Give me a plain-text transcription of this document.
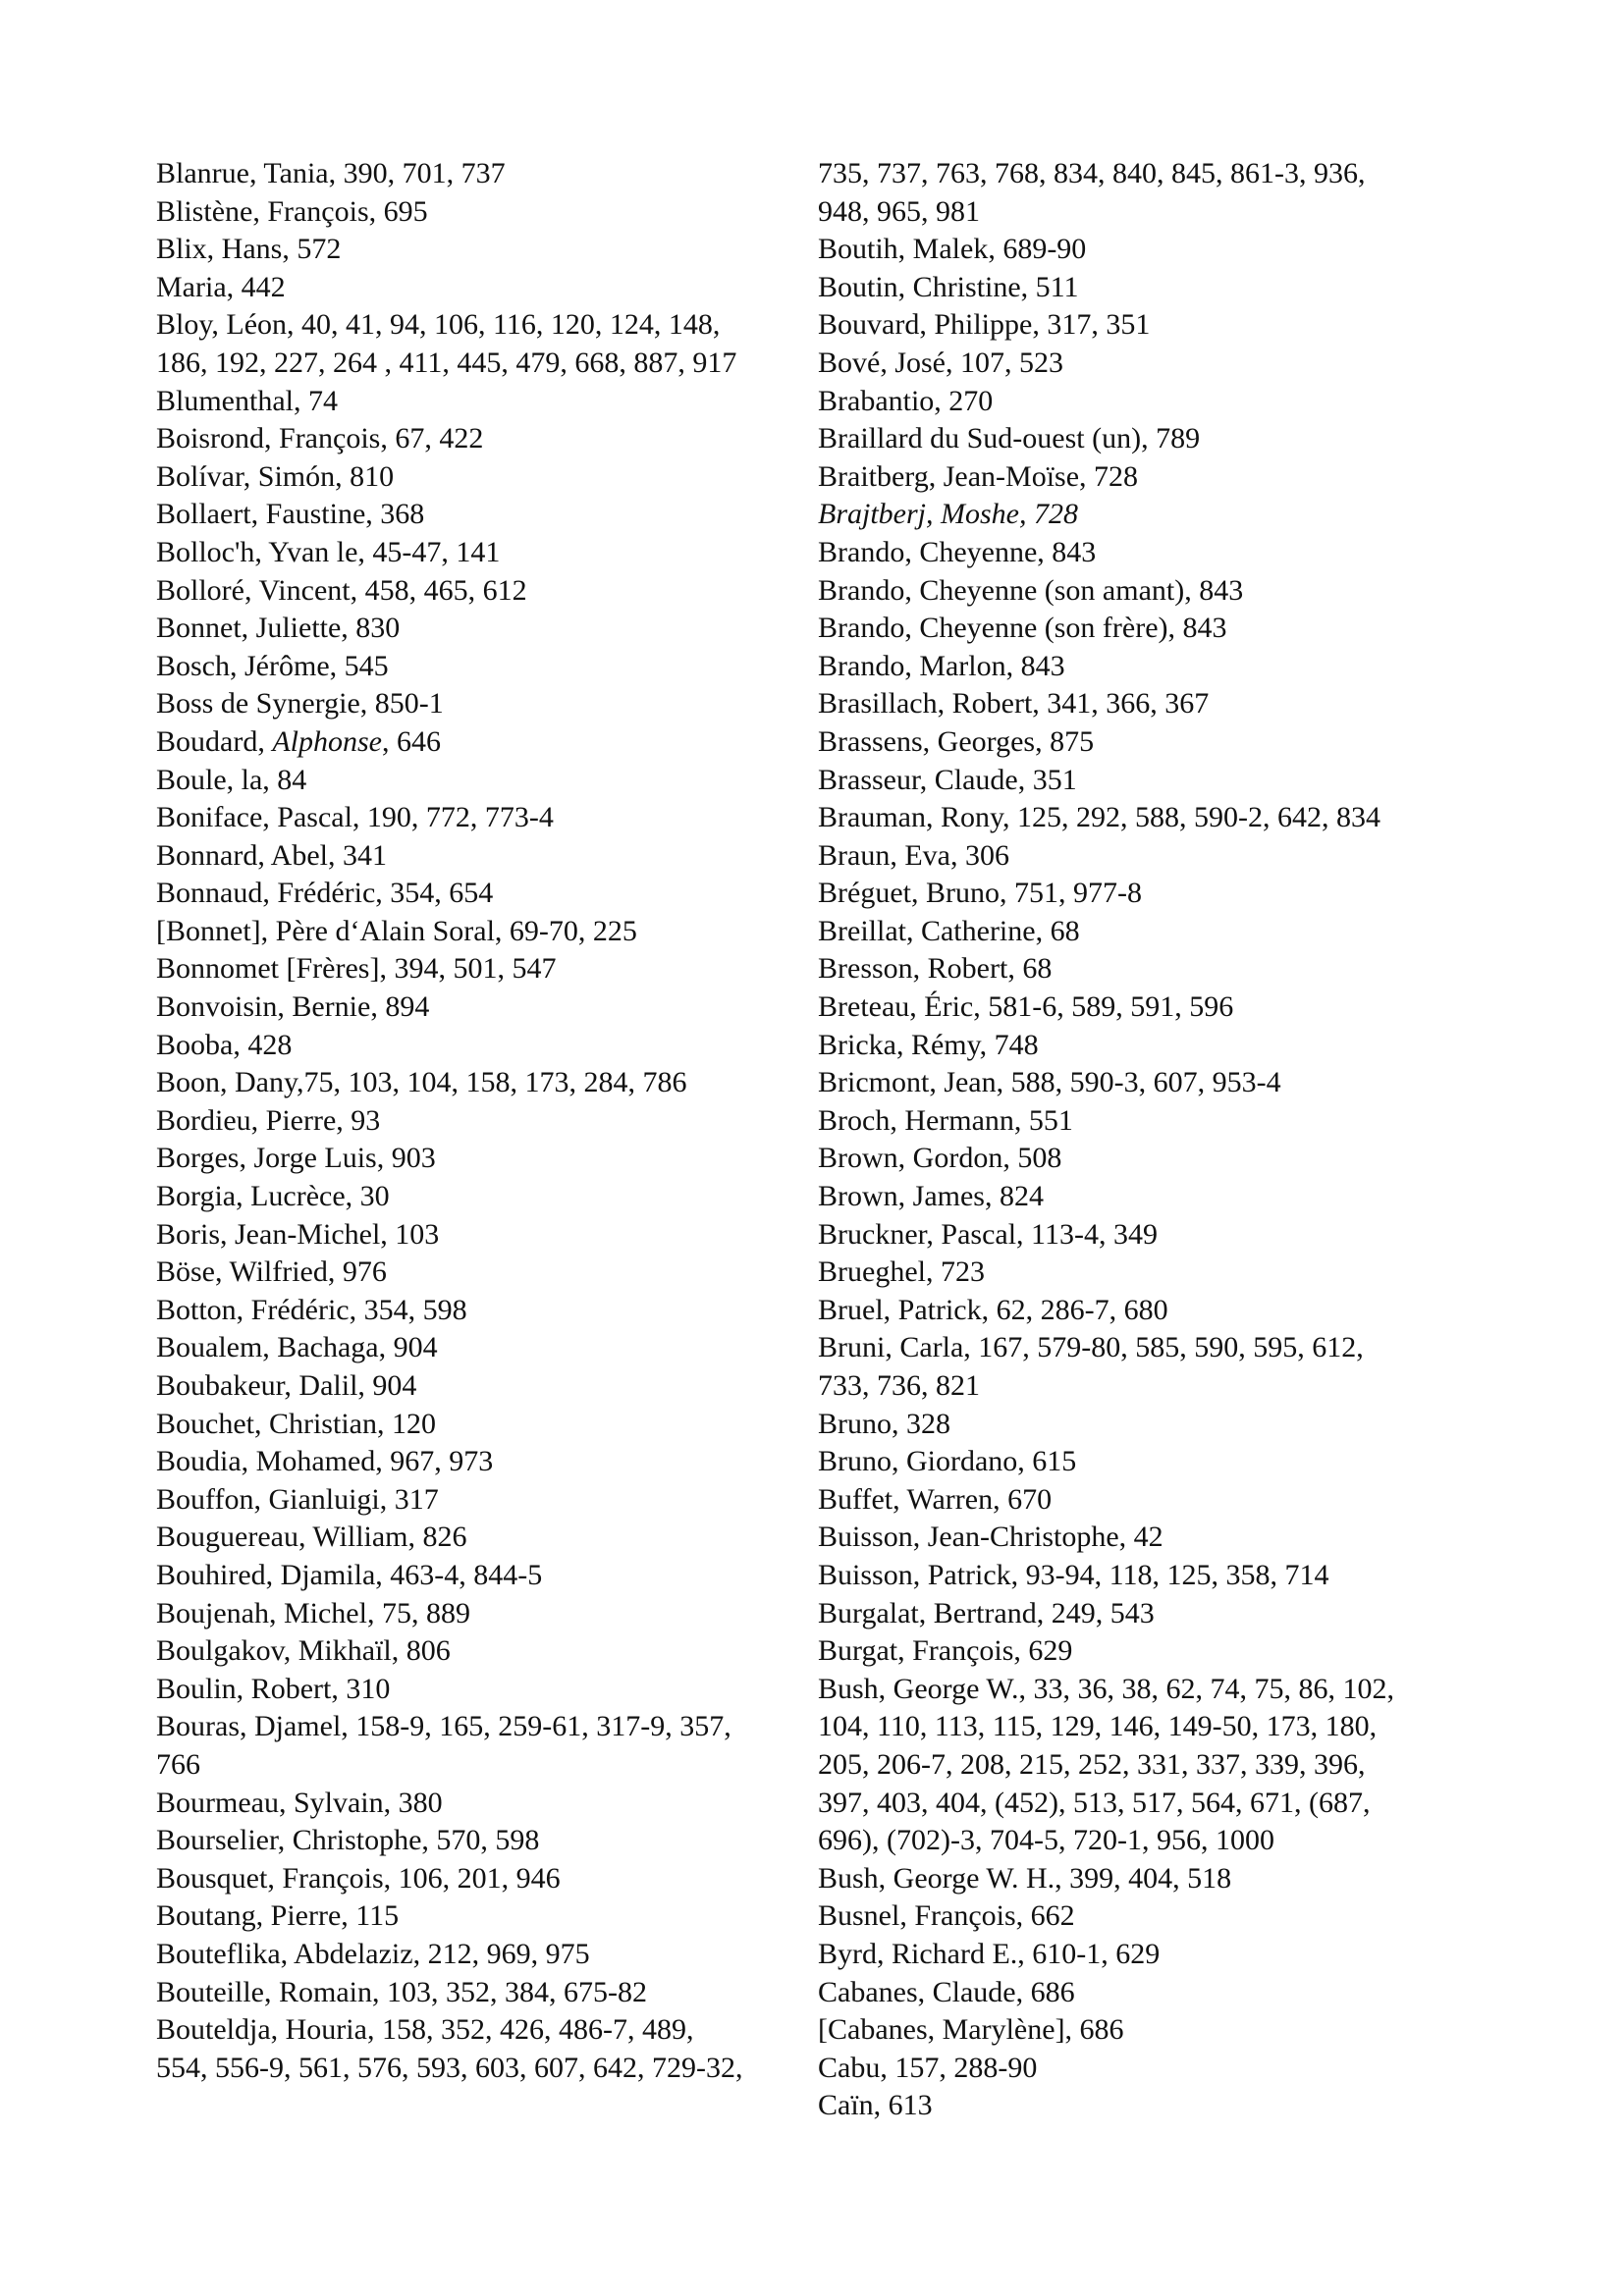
Blanrue, Tania, 390, 701, 737
Blistène, François, 695
Blix, Hans, 572
Maria, 442
Bloy, Léon, 40, 41, 94, 106, 116, 120, 124, 148,
186, 192, 227, 264 , 411, 445, 479, 668, 887, 917
Blumenthal, 74
Boisrond, François, 67, 422
Bolívar, Simón, 810
Bollaert, Faustine, 368
Bolloc'h, Yvan le, 45-47, 141
Bolloré, Vincent, 458, 465, 612
Bonnet, Juliette, 830
Bosch, Jérôme, 545
Boss de Synergie, 850-1
Boudard, Alphonse, 646
Boule, la, 84
Boniface, Pascal, 190, 772, 773-4
Bonnard, Abel, 341
Bonnaud, Frédéric, 354, 654
[Bonnet], Père d‘Alain Soral, 69-70, 225
Bonnomet [Frères], 394, 501, 547
Bonvoisin, Bernie, 894
Booba, 428
Boon, Dany,75, 103, 104, 158, 173, 284, 786
Bordieu, Pierre, 93
Borges, Jorge Luis, 903
Borgia, Lucrèce, 30
Boris, Jean-Michel, 103
Böse, Wilfried, 976
Botton, Frédéric, 354, 598
Boualem, Bachaga, 904
Boubakeur, Dalil, 904
Bouchet, Christian, 120
Boudia, Mohamed, 967, 973
Bouffon, Gianluigi, 317
Bouguereau, William, 826
Bouhired, Djamila, 463-4, 844-5
Boujenah, Michel, 75, 889
Boulgakov, Mikhaïl, 806
Boulin, Robert, 310
Bouras, Djamel, 158-9, 165, 259-61, 317-9, 357,
766
Bourmeau, Sylvain, 380
Bourselier, Christophe, 570, 598
Bousquet, François, 106, 201, 946
Boutang, Pierre, 115
Bouteflika, Abdelaziz, 212, 969, 975
Bouteille, Romain, 103, 352, 384, 675-82
Bouteldja, Houria, 158, 352, 426, 486-7, 489,
554, 556-9, 561, 576, 593, 603, 607, 642, 729-32,
735, 737, 763, 768, 834, 840, 845, 861-3, 936,
948, 965, 981
Boutih, Malek, 689-90
Boutin, Christine, 511
Bouvard, Philippe, 317, 351
Bové, José, 107, 523
Brabantio, 270
Braillard du Sud-ouest (un), 789
Braitberg, Jean-Moïse, 728
Brajtberj, Moshe, 728
Brando, Cheyenne, 843
Brando, Cheyenne (son amant), 843
Brando, Cheyenne (son frère), 843
Brando, Marlon, 843
Brasillach, Robert, 341, 366, 367
Brassens, Georges, 875
Brasseur, Claude, 351
Brauman, Rony, 125, 292, 588, 590-2, 642, 834
Braun, Eva, 306
Bréguet, Bruno, 751, 977-8
Breillat, Catherine, 68
Bresson, Robert, 68
Breteau, Éric, 581-6, 589, 591, 596
Bricka, Rémy, 748
Bricmont, Jean, 588, 590-3, 607, 953-4
Broch, Hermann, 551
Brown, Gordon, 508
Brown, James, 824
Bruckner, Pascal, 113-4, 349
Brueghel, 723
Bruel, Patrick, 62, 286-7, 680
Bruni, Carla, 167, 579-80, 585, 590, 595, 612,
733, 736, 821
Bruno, 328
Bruno, Giordano, 615
Buffet, Warren, 670
Buisson, Jean-Christophe, 42
Buisson, Patrick, 93-94, 118, 125, 358, 714
Burgalat, Bertrand, 249, 543
Burgat, François, 629
Bush, George W., 33, 36, 38, 62, 74, 75, 86, 102,
104, 110, 113, 115, 129, 146, 149-50, 173, 180,
205, 206-7, 208, 215, 252, 331, 337, 339, 396,
397, 403, 404, (452), 513, 517, 564, 671, (687,
696), (702)-3, 704-5, 720-1, 956, 1000
Bush, George W. H., 399, 404, 518
Busnel, François, 662
Byrd, Richard E., 610-1, 629
Cabanes, Claude, 686
[Cabanes, Marylène], 686
Cabu, 157, 288-90
Caïn, 613
